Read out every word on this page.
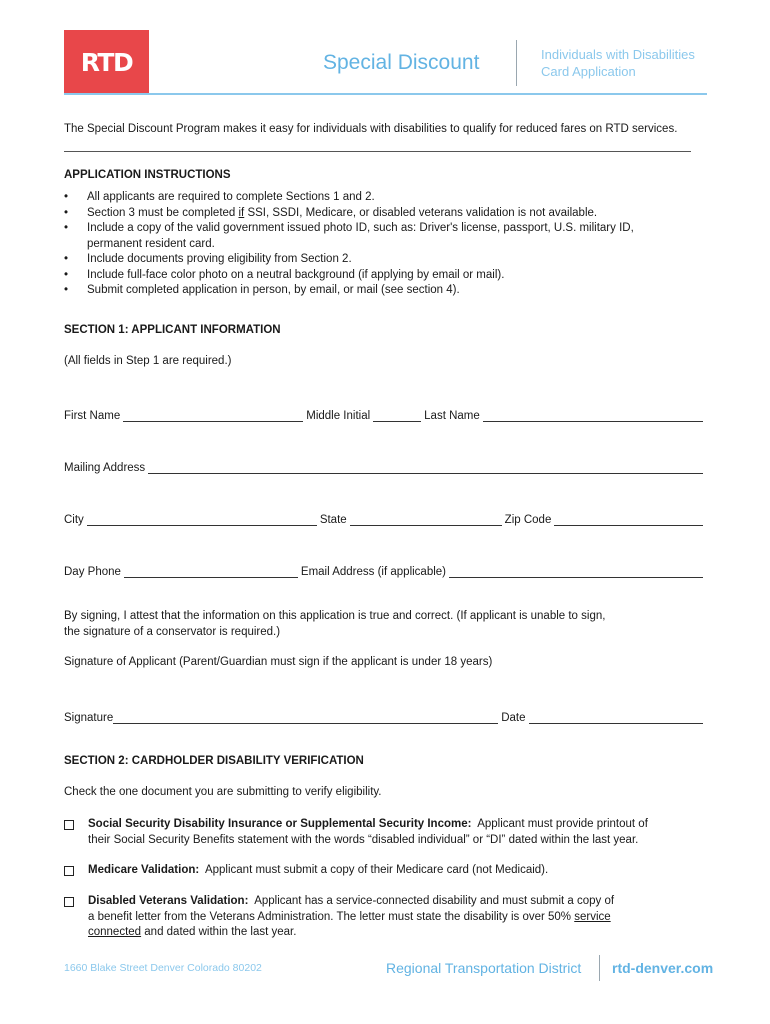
RTD	Special Discount	Individuals with Disabilities
Card Application
The Special Discount Program makes it easy for individuals with disabilities to qualify for reduced fares on RTD services.
APPLICATION INSTRUCTIONS
• All applicants are required to complete Sections 1 and 2.
• Section 3 must be completed if SSI, SSDI, Medicare, or disabled veterans validation is not available.
• Include a copy of the valid government issued photo ID, such as: Driver's license, passport, U.S. military ID, permanent resident card.
• Include documents proving eligibility from Section 2.
• Include full-face color photo on a neutral background (if applying by email or mail).
• Submit completed application in person, by email, or mail (see section 4).
SECTION 1: APPLICANT INFORMATION
(All fields in Step 1 are required.)
First Name	Middle Initial	Last Name
Mailing Address
City	State	Zip Code
Day Phone	Email Address (if applicable)
By signing, I attest that the information on this application is true and correct. (If applicant is unable to sign,
the signature of a conservator is required.)
Signature of Applicant (Parent/Guardian must sign if the applicant is under 18 years)
Signature	Date
SECTION 2: CARDHOLDER DISABILITY VERIFICATION
Check the one document you are submitting to verify eligibility.
Social Security Disability Insurance or Supplemental Security Income: Applicant must provide printout of
their Social Security Benefits statement with the words “disabled individual” or “DI” dated within the last year.
Medicare Validation: Applicant must submit a copy of their Medicare card (not Medicaid).
Disabled Veterans Validation: Applicant has a service-connected disability and must submit a copy of
a benefit letter from the Veterans Administration. The letter must state the disability is over 50% service
connected and dated within the last year.
1660 Blake Street Denver Colorado 80202	Regional Transportation District rtd-denver.com
